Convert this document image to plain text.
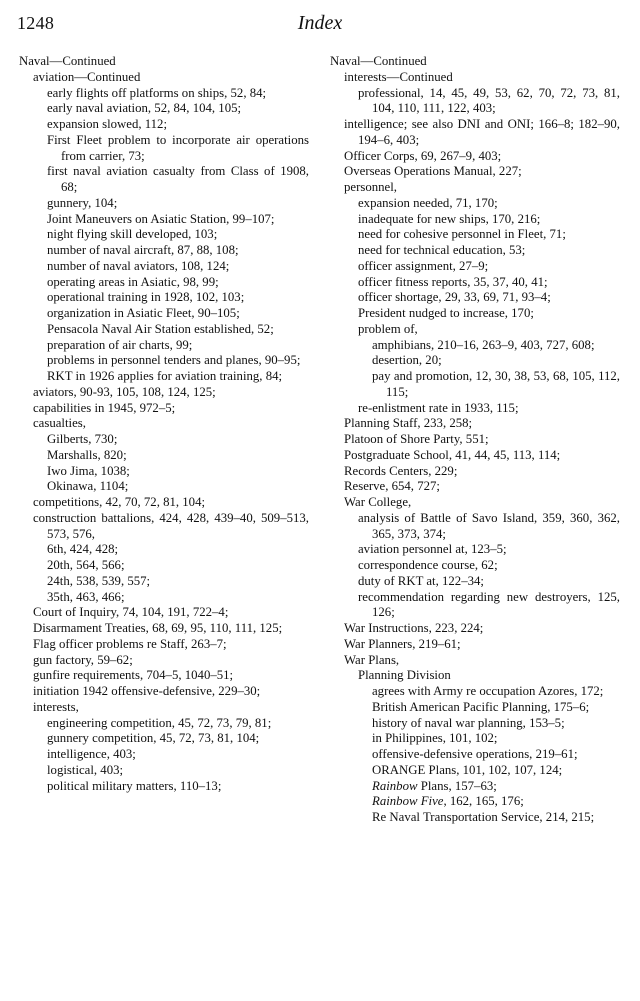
1248	Index
Naval—Continued
aviation—Continued
early flights off platforms on ships, 52, 84;
early naval aviation, 52, 84, 104, 105;
expansion slowed, 112;
First Fleet problem to incorporate air operations from carrier, 73;
first naval aviation casualty from Class of 1908, 68;
gunnery, 104;
Joint Maneuvers on Asiatic Station, 99–107;
night flying skill developed, 103;
number of naval aircraft, 87, 88, 108;
number of naval aviators, 108, 124;
operating areas in Asiatic, 98, 99;
operational training in 1928, 102, 103;
organization in Asiatic Fleet, 90–105;
Pensacola Naval Air Station established, 52;
preparation of air charts, 99;
problems in personnel tenders and planes, 90–95;
RKT in 1926 applies for aviation training, 84;
aviators, 90-93, 105, 108, 124, 125;
capabilities in 1945, 972–5;
casualties,
Gilberts, 730;
Marshalls, 820;
Iwo Jima, 1038;
Okinawa, 1104;
competitions, 42, 70, 72, 81, 104;
construction battalions, 424, 428, 439–40, 509–513, 573, 576,
6th, 424, 428;
20th, 564, 566;
24th, 538, 539, 557;
35th, 463, 466;
Court of Inquiry, 74, 104, 191, 722–4;
Disarmament Treaties, 68, 69, 95, 110, 111, 125;
Flag officer problems re Staff, 263–7;
gun factory, 59–62;
gunfire requirements, 704–5, 1040–51;
initiation 1942 offensive-defensive, 229–30;
interests,
engineering competition, 45, 72, 73, 79, 81;
gunnery competition, 45, 72, 73, 81, 104;
intelligence, 403;
logistical, 403;
political military matters, 110–13;
Naval—Continued
interests—Continued
professional, 14, 45, 49, 53, 62, 70, 72, 73, 81, 104, 110, 111, 122, 403;
intelligence; see also DNI and ONI; 166–8; 182–90, 194–6, 403;
Officer Corps, 69, 267–9, 403;
Overseas Operations Manual, 227;
personnel,
expansion needed, 71, 170;
inadequate for new ships, 170, 216;
need for cohesive personnel in Fleet, 71;
need for technical education, 53;
officer assignment, 27–9;
officer fitness reports, 35, 37, 40, 41;
officer shortage, 29, 33, 69, 71, 93–4;
President nudged to increase, 170;
problem of,
amphibians, 210–16, 263–9, 403, 727, 608;
desertion, 20;
pay and promotion, 12, 30, 38, 53, 68, 105, 112, 115;
re-enlistment rate in 1933, 115;
Planning Staff, 233, 258;
Platoon of Shore Party, 551;
Postgraduate School, 41, 44, 45, 113, 114;
Records Centers, 229;
Reserve, 654, 727;
War College,
analysis of Battle of Savo Island, 359, 360, 362, 365, 373, 374;
aviation personnel at, 123–5;
correspondence course, 62;
duty of RKT at, 122–34;
recommendation regarding new destroyers, 125, 126;
War Instructions, 223, 224;
War Planners, 219–61;
War Plans,
Planning Division
agrees with Army re occupation Azores, 172;
British American Pacific Planning, 175–6;
history of naval war planning, 153–5;
in Philippines, 101, 102;
offensive-defensive operations, 219–61;
ORANGE Plans, 101, 102, 107, 124;
Rainbow Plans, 157–63;
Rainbow Five, 162, 165, 176;
Re Naval Transportation Service, 214, 215;
